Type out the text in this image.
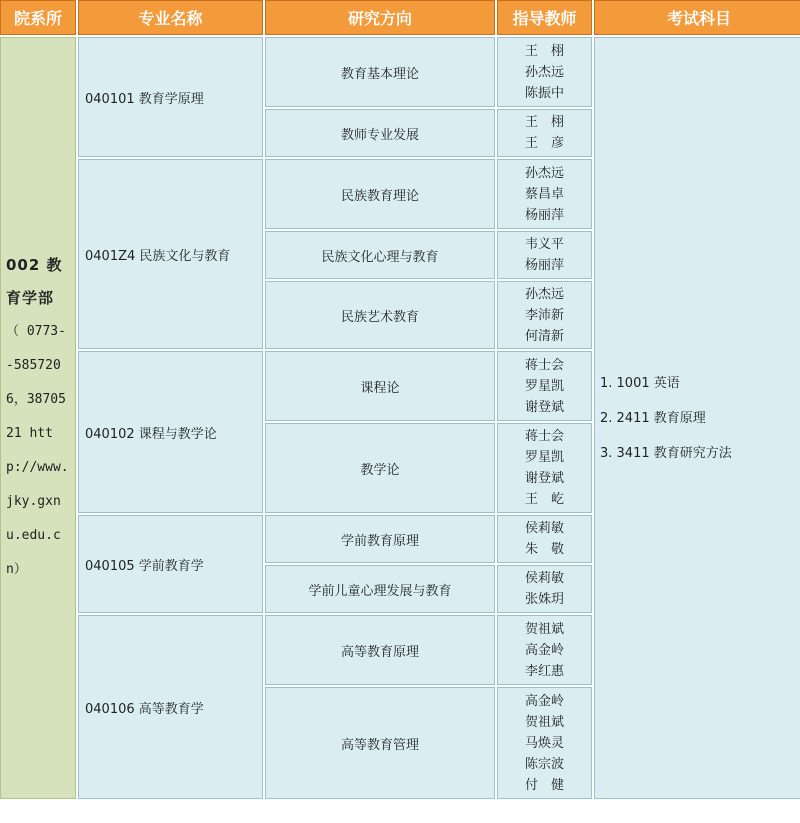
院系所	专业名称	研究方向	指导教师	考试科目

002 教育学部
（ 0773--5857206，3870521 http://www.jky.gxnu.edu.cn）	040101 教育学原理	教育基本理论	王　栩
孙杰远
陈振中	1. 1001 英语
2. 2411 教育原理
3. 3411 教育研究方法

		教师专业发展	王　栩
王　彦	

	0401Z4 民族文化与教育	民族教育理论	孙杰远
蔡昌卓
杨丽萍	

		民族文化心理与教育	韦义平
杨丽萍	

		民族艺术教育	孙杰远
李沛新
何清新	

	040102 课程与教学论	课程论	蒋士会
罗星凯
谢登斌	

		教学论	蒋士会
罗星凯
谢登斌
王　屹	

	040105 学前教育学	学前教育原理	侯莉敏
朱　敬	

		学前儿童心理发展与教育	侯莉敏
张姝玥	

	040106 高等教育学	高等教育原理	贺祖斌
高金岭
李红惠	

		高等教育管理	高金岭
贺祖斌
马焕灵
陈宗波
付　健	
